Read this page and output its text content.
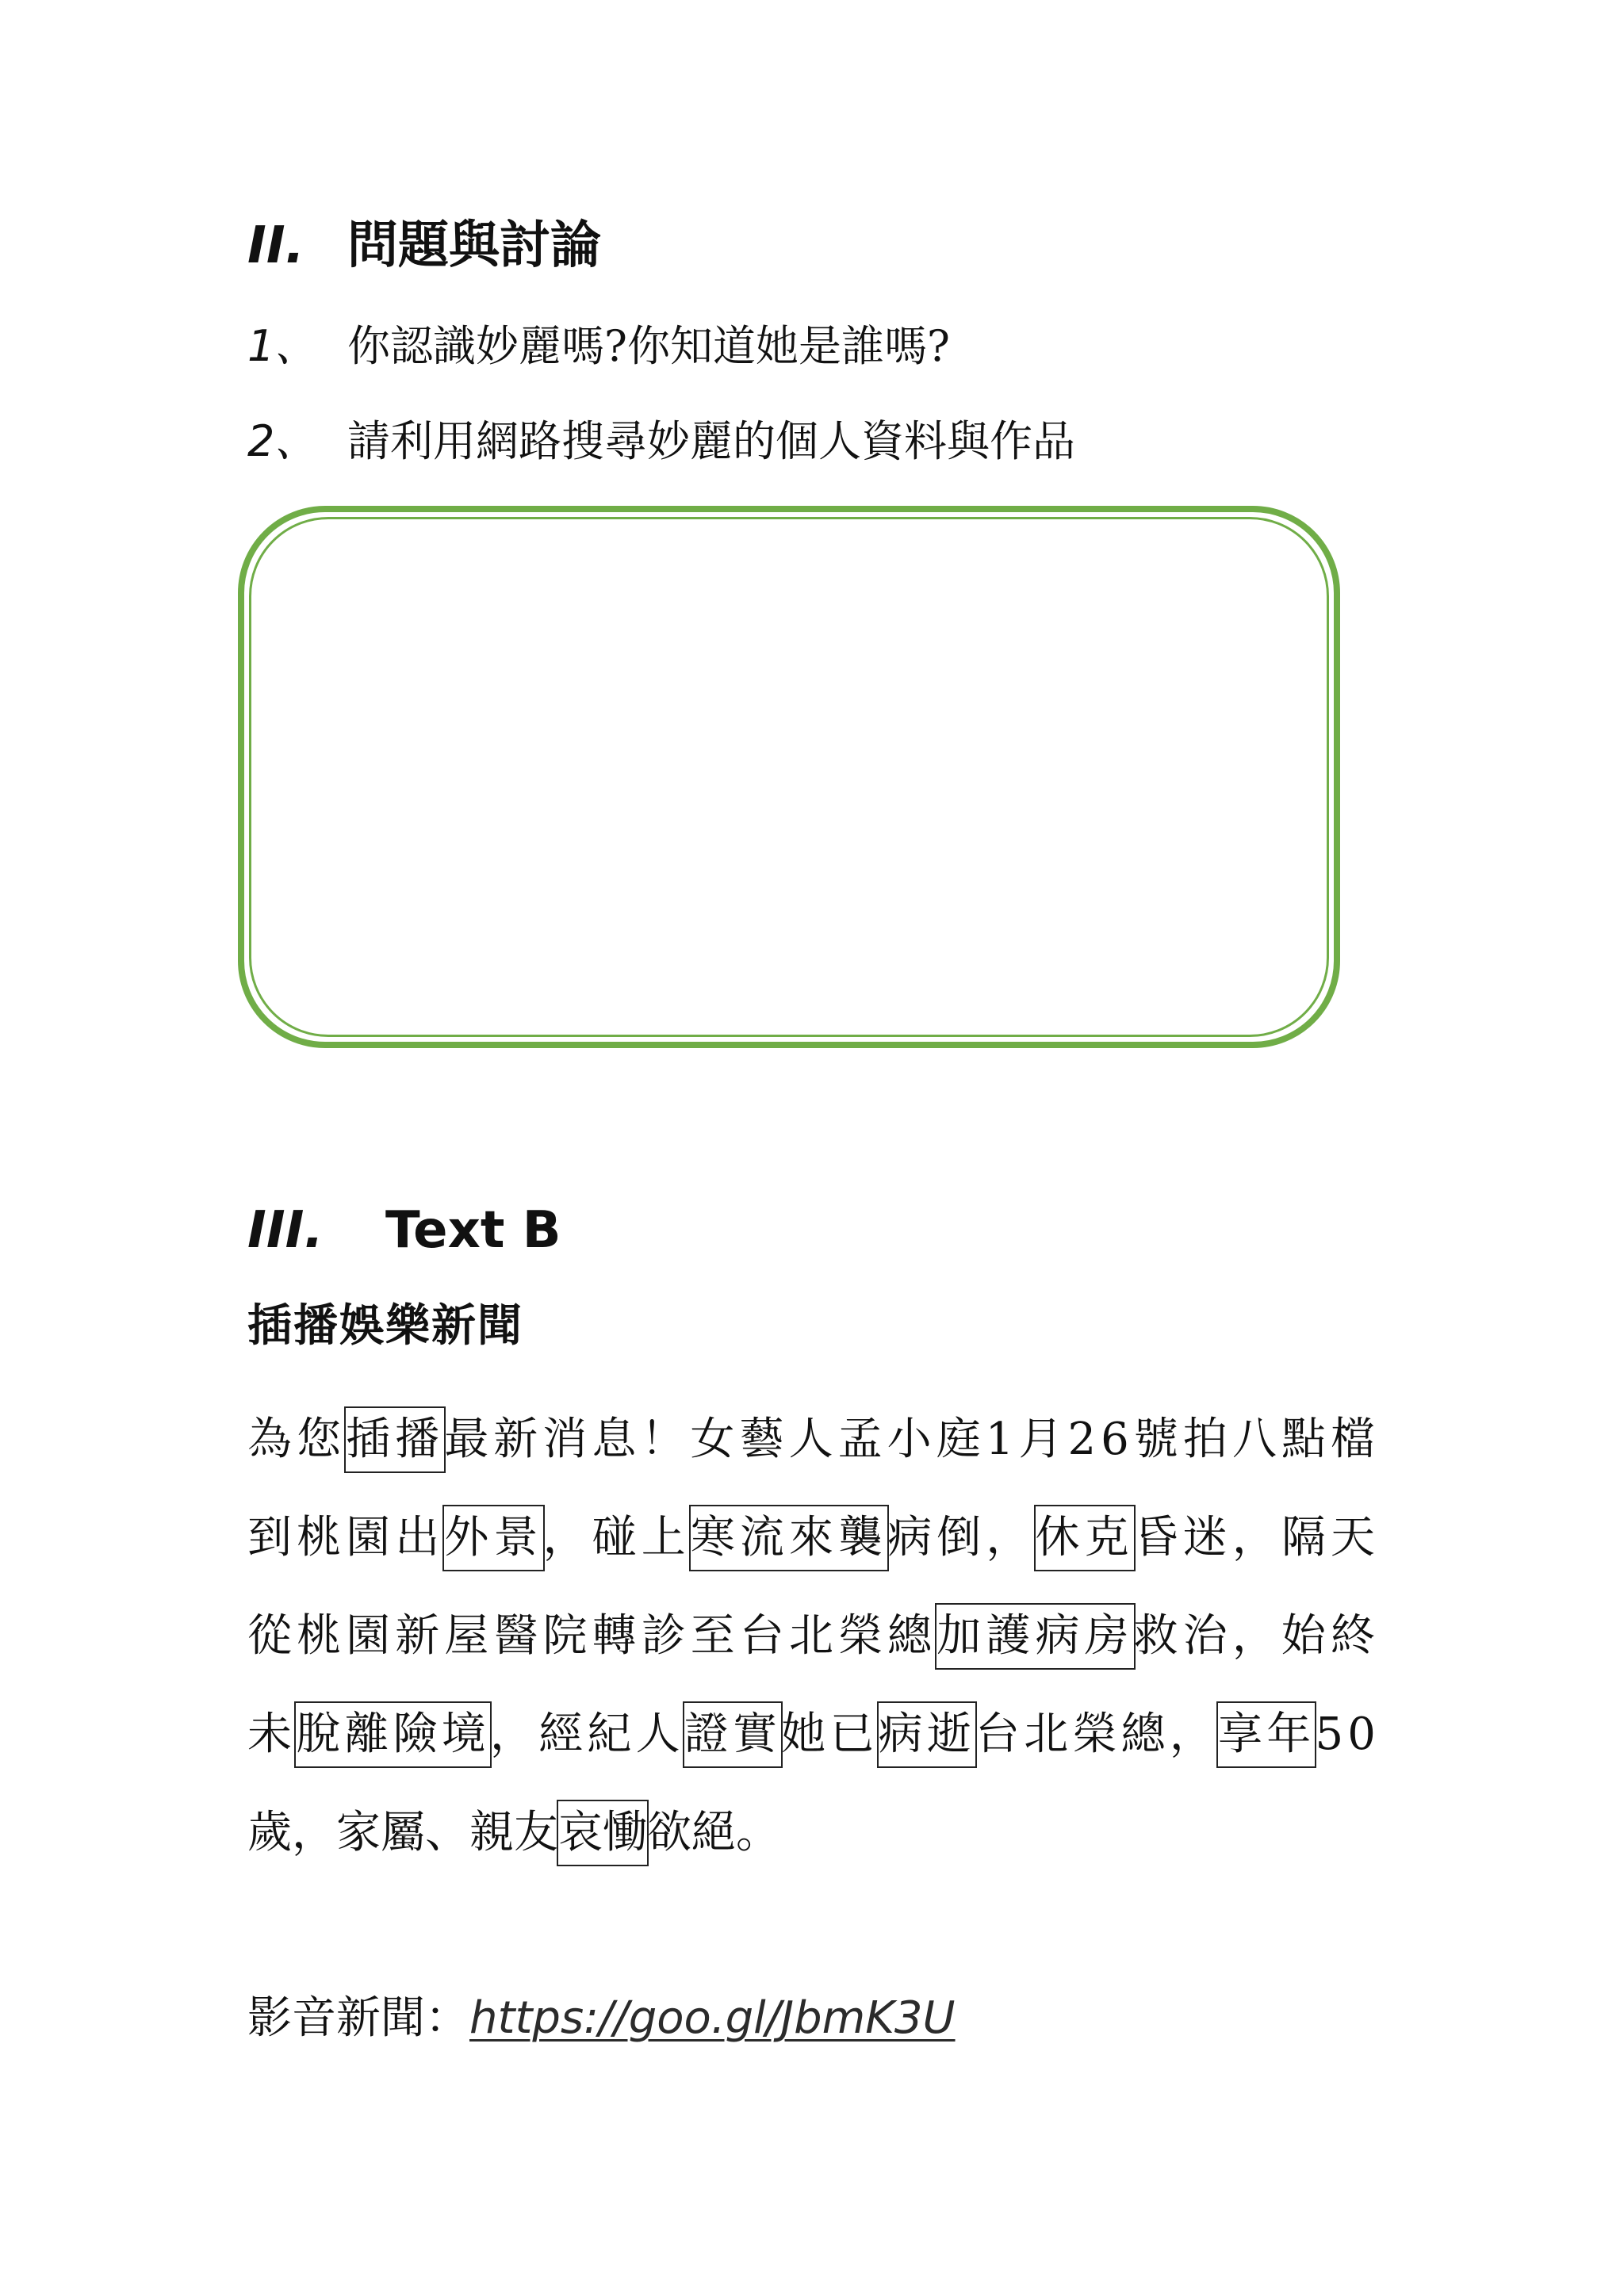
II. 問題與討論
1、 你認識妙麗嗎?你知道她是誰嗎?
2、 請利用網路搜尋妙麗的個人資料與作品
III. Text B
插播娛樂新聞
為您插播最新消息！女藝人孟小庭1月26號拍八點檔
到桃園出外景，碰上寒流來襲病倒，休克昏迷，隔天
從桃園新屋醫院轉診至台北榮總加護病房救治，始終
未脫離險境，經紀人證實她已病逝台北榮總，享年50
歲，家屬、親友哀慟欲絕。
影音新聞：https://goo.gl/JbmK3U
